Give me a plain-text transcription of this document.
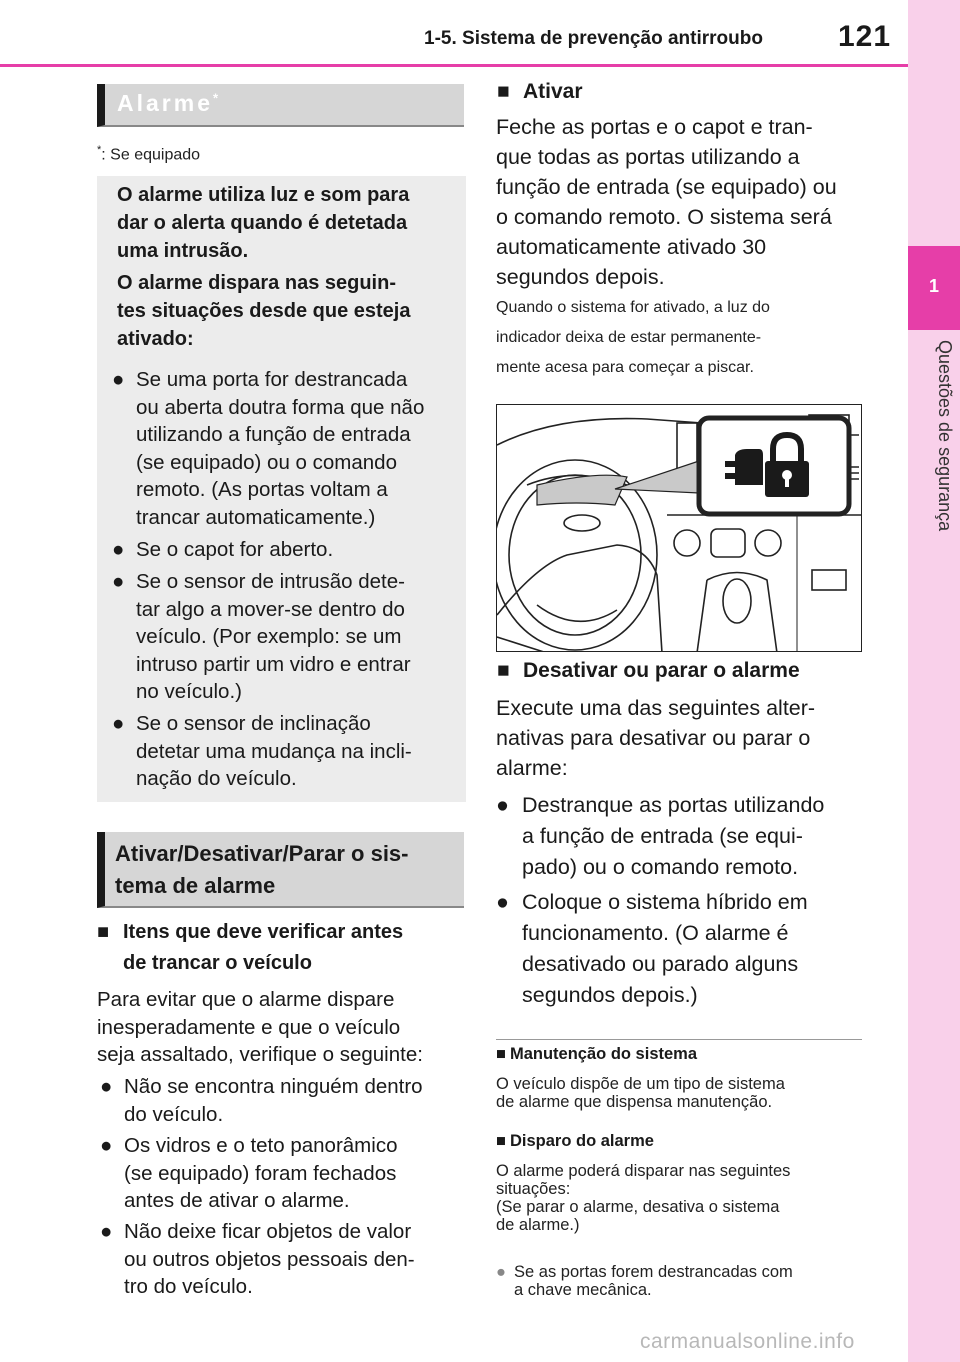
1-5. Sistema de prevenção antirroubo	121
1
Questões de segurança
Alarme*
*: Se equipado
O alarme utiliza luz e som para
dar o alerta quando é detetada
uma intrusão.
O alarme dispara nas seguin-
tes situações desde que esteja
ativado:
● Se uma porta for destrancada
ou aberta doutra forma que não
utilizando a função de entrada
(se equipado) ou o comando
remoto. (As portas voltam a
trancar automaticamente.)
● Se o capot for aberto.
● Se o sensor de intrusão dete-
tar algo a mover-se dentro do
veículo. (Por exemplo: se um
intruso partir um vidro e entrar
no veículo.)
● Se o sensor de inclinação
detetar uma mudança na incli-
nação do veículo.
Ativar/Desativar/Parar o sis-
tema de alarme
■ Itens que deve verificar antes
de trancar o veículo
Para evitar que o alarme dispare
inesperadamente e que o veículo
seja assaltado, verifique o seguinte:
● Não se encontra ninguém dentro
do veículo.
● Os vidros e o teto panorâmico
(se equipado) foram fechados
antes de ativar o alarme.
● Não deixe ficar objetos de valor
ou outros objetos pessoais den-
tro do veículo.
■ Ativar
Feche as portas e o capot e tran-
que todas as portas utilizando a
função de entrada (se equipado) ou
o comando remoto. O sistema será
automaticamente ativado 30
segundos depois.
Quando o sistema for ativado, a luz do
indicador deixa de estar permanente-
mente acesa para começar a piscar.
■ Desativar ou parar o alarme
Execute uma das seguintes alter-
nativas para desativar ou parar o
alarme:
● Destranque as portas utilizando
a função de entrada (se equi-
pado) ou o comando remoto.
● Coloque o sistema híbrido em
funcionamento. (O alarme é
desativado ou parado alguns
segundos depois.)
■ Manutenção do sistema
O veículo dispõe de um tipo de sistema
de alarme que dispensa manutenção.
■ Disparo do alarme
O alarme poderá disparar nas seguintes
situações:
(Se parar o alarme, desativa o sistema
de alarme.)
● Se as portas forem destrancadas com
a chave mecânica.
carmanualsonline.info
